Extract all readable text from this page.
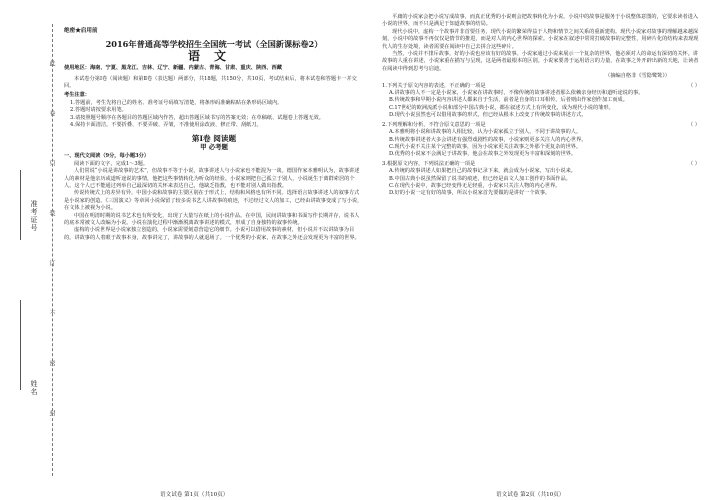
准考证号
姓名
此
卷
只
装
订
不
密
封
绝密★启用前
2016年普通高等学校招生全国统一考试（全国新课标卷2）
语文
使用地区：海南、宁夏、黑龙江、吉林、辽宁、新疆、内蒙古、青海、甘肃、重庆、陕西、西藏
本试卷分第Ⅰ卷（阅读题）和第Ⅱ卷（表达题）两部分，共18题，共150分，共10页，考试结束后，将本试卷和答题卡一并交回。
考生注意：
1.答题前，考生先将自己的姓名、准考证号码填写清楚，将条形码准确粘贴在条形码区域内。
2.答题时请按要求用笔。
3.请按照题号顺序在各题目的答题区域内作答，超出答题区域书写的答案无效；在草稿纸、试题卷上答题无效。
4.保持卡面清洁，不要折叠、不要弄破、弄皱，不准使用涂改液、修正带、刮纸刀。
第Ⅰ卷 阅读题
甲 必考题
一、现代文阅读（9分，每小题3分）
阅读下面的文字，完成1～3题。
人们常说“小说是讲故事的艺术”，但故事不等于小说，故事讲述人与小说家也不能混为一谈。德国作家本雅明认为，故事讲述人的素材是他亲历或道听途说的事情，他把这些事情转化为听众的经验。小说家则把自己孤立于别人，小说诞生于离群索居的个人。这个人已不能通过列举自己最深切的关怀来表达自己，他缺乏指教，也不能对别人做出指教。
传说传统式上的差异有异，中国小说和故事的主要区别在于形式上，结构和风格也有所不同。选择语言故事讲述人的叙事方式是小说家的创造。《三国演义》等章回小说保留了较多说书艺人讲故事的痕迹，不过经过文人的加工，已经由讲故事变成了写小说，在文体上被视为小说。
中国在明清时期的说书艺术也有所变化，出现了大量写在纸上的小说作品。在中国，民间讲故事和书面写作长期并存，说书人的底本常被文人改编为小说。小说在演化过程中渐渐脱离故事讲述的模式，形成了自身独特的叙事传统。
虚构的小说世界是小说家独立创造的，小说家需要刻意营造它的细节。小说可以借用故事的素材，但小说并不以讲故事为目的。讲故事的人着眼于故事本身，故事讲完了，讲故事的人就退场了。一个优秀的小说家，在故事之外还会发现更为丰富的世界。
语文试卷 第1页（共10页）
平庸的小说家会把小说写成故事，而真正优秀的小说则会把故事转化为小说。小说中的故事是服务于小说整体意图的，它要求读者进入小说的世界，而不只是满足于知道故事的结局。
现代小说中，虚构一个故事并非首要任务，现代小说的繁荣得益于人物和情节之间关系的重新建构。现代小说家对故事的理解越来越深刻，小说中的故事不再仅仅是情节的推进，而是对人的内心世界的探索。小说家在叙述中常常打破故事的完整性，用碎片化的结构来表现现代人的生存处境，读者需要在阅读中自己去拼合这些碎片。
当然，小说并不排斥故事，好的小说也应该有好的故事。小说家通过小说来展示一个复杂的世界，他必须对人的命运有深切的关怀。讲故事的人重在讲述，小说家重在描写与呈现，这是两者最根本的区别。小说家要善于运用语言的力量，在故事之外开辟出新的天地，让读者在阅读中得到思考与启迪。
（摘编自格非《雪隐鹭鸶》）
1.下列关于原文内容的表述，不正确的一项是	（ ）
A.讲故事的人不一定是小说家，小说家在讲故事时，不像传统的故事讲述者那么依赖亲身经历和道听途说的事。
B.传统故事和早期小说内容讲述人都来自于生活，前者是自身的口耳相传，后者则由作家创作加工而成。
C.17世纪的欧洲流派小说和部分中国古典小说，都在叙述方式上有所变化，成为现代小说的雏形。
D.现代小说虽然也可以借用故事的形式，但已经从根本上改变了传统故事的讲述方式。
2.下列理解和分析，不符合原文意思的一项是	（ ）
A.本雅明将小说和讲故事的人相比较，认为小说家孤立于别人，不同于讲故事的人。
B.传统故事讲述者大多会讲述有强烈戏剧性的故事，小说家则更多关注人的内心世界。
C.现代小说不关注某个完整的故事，因为小说家更关注故事之外那个更复杂的世界。
D.优秀的小说家不会满足于讲故事，他会在故事之外发现更为丰富和深刻的世界。
3.根据原文内容，下列说法正确的一项是	（ ）
A.传统的故事讲述人如果把自己的故事记录下来，就会成为小说家，写出小说来。
B.中国古典小说虽然保留了说书的痕迹，但已经是由文人加工创作的书面作品。
C.在现代小说中，故事已经变得无足轻重，小说家只关注人物的内心世界。
D.好的小说一定有好的故事，所以小说家首先要做的是讲好一个故事。
语文试卷 第2页（共10页）
